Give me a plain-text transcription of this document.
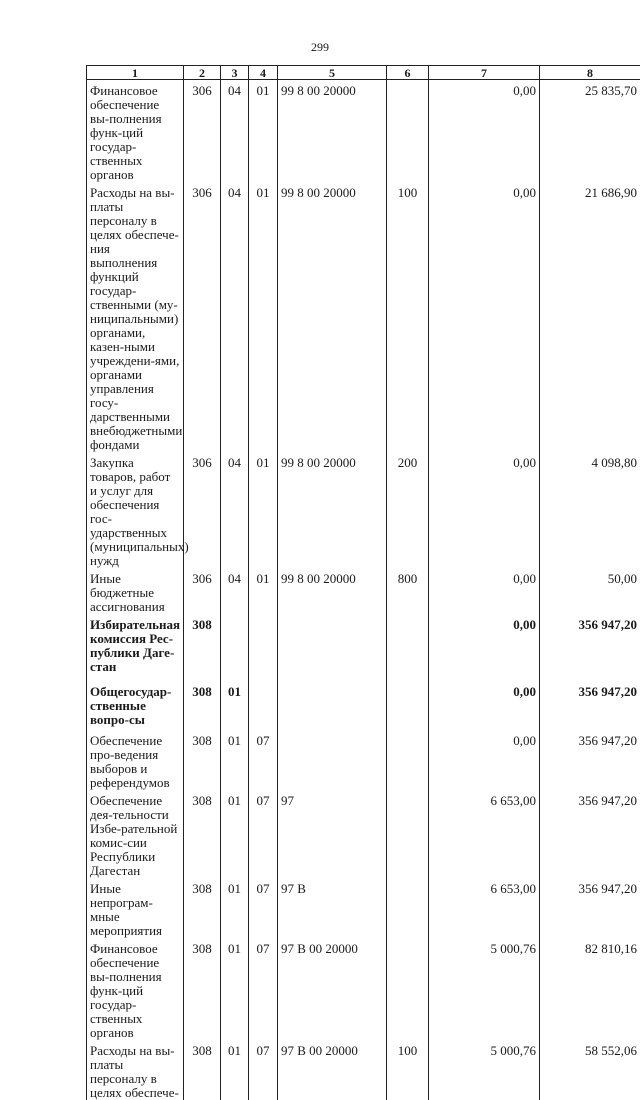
299
1	2	3	4	5	6	7	8
Финансовое обеспечение вы-полнения функ-ций государ-ственных органов	306	04	01	99 8 00 20000		0,00	25 835,70
Расходы на вы-платы персоналу в целях обеспече-ния выполнения функций государ-ственными (му-ниципальными) органами, казен-ными учреждени-ями, органами управления госу-дарственными внебюджетными фондами	306	04	01	99 8 00 20000	100	0,00	21 686,90
Закупка товаров, работ и услуг для обеспечения гос-ударственных (муниципальных) нужд	306	04	01	99 8 00 20000	200	0,00	4 098,80
Иные бюджетные ассигнования	306	04	01	99 8 00 20000	800	0,00	50,00
Избирательная комиссия Рес-публики Даге-стан	308					0,00	356 947,20
Общегосудар-ственные вопро-сы	308	01				0,00	356 947,20
Обеспечение про-ведения выборов и референдумов	308	01	07			0,00	356 947,20
Обеспечение дея-тельности Избе-рательной комис-сии Республики Дагестан	308	01	07	97		6 653,00	356 947,20
Иные непрограм-мные мероприятия	308	01	07	97 В		6 653,00	356 947,20
Финансовое обеспечение вы-полнения функ-ций государ-ственных органов	308	01	07	97 В 00 20000		5 000,76	82 810,16
Расходы на вы-платы персоналу в целях обеспече-	308	01	07	97 В 00 20000	100	5 000,76	58 552,06
